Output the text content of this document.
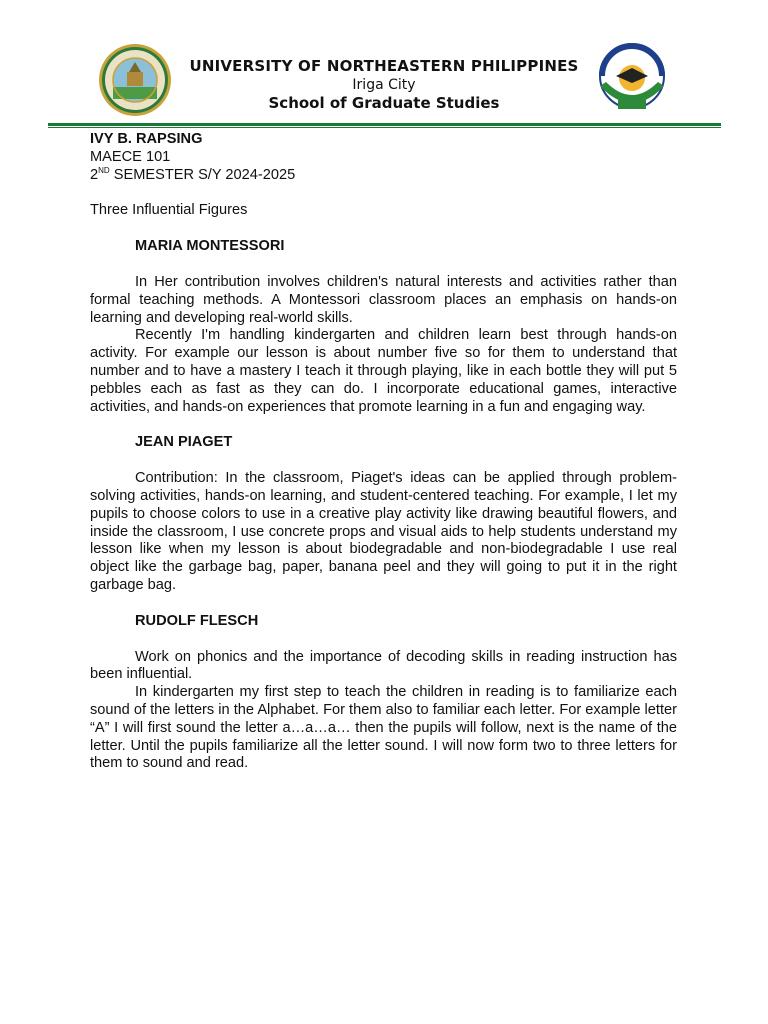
UNIVERSITY OF NORTHEASTERN PHILIPPINES
Iriga City
School of Graduate Studies

IVY B. RAPSING

MAECE 101

2ND SEMESTER S/Y 2024-2025

Three Influential Figures

MARIA MONTESSORI

In Her contribution involves children's natural interests and activities rather than formal teaching methods. A Montessori classroom places an emphasis on hands-on learning and developing real-world skills.

Recently I'm handling kindergarten and children learn best through hands-on activity. For example our lesson is about number five so for them to understand that number and to have a mastery I teach it through playing, like in each bottle they will put 5 pebbles each as fast as they can do. I incorporate educational games, interactive activities, and hands-on experiences that promote learning in a fun and engaging way.

JEAN PIAGET

Contribution: In the classroom, Piaget's ideas can be applied through problem-solving activities, hands-on learning, and student-centered teaching. For example, I let my pupils to choose colors to use in a creative play activity like drawing beautiful flowers, and inside the classroom, I use concrete props and visual aids to help students understand my lesson like when my lesson is about biodegradable and non-biodegradable I use real object like the garbage bag, paper, banana peel and they will going to put it in the right garbage bag.

RUDOLF FLESCH

Work on phonics and the importance of decoding skills in reading instruction has been influential.

In kindergarten my first step to teach the children in reading is to familiarize each sound of the letters in the Alphabet. For them also to familiar each letter. For example letter “A” I will first sound the letter a…a…a… then the pupils will follow, next is the name of the letter. Until the pupils familiarize all the letter sound. I will now form two to three letters for them to sound and read.
